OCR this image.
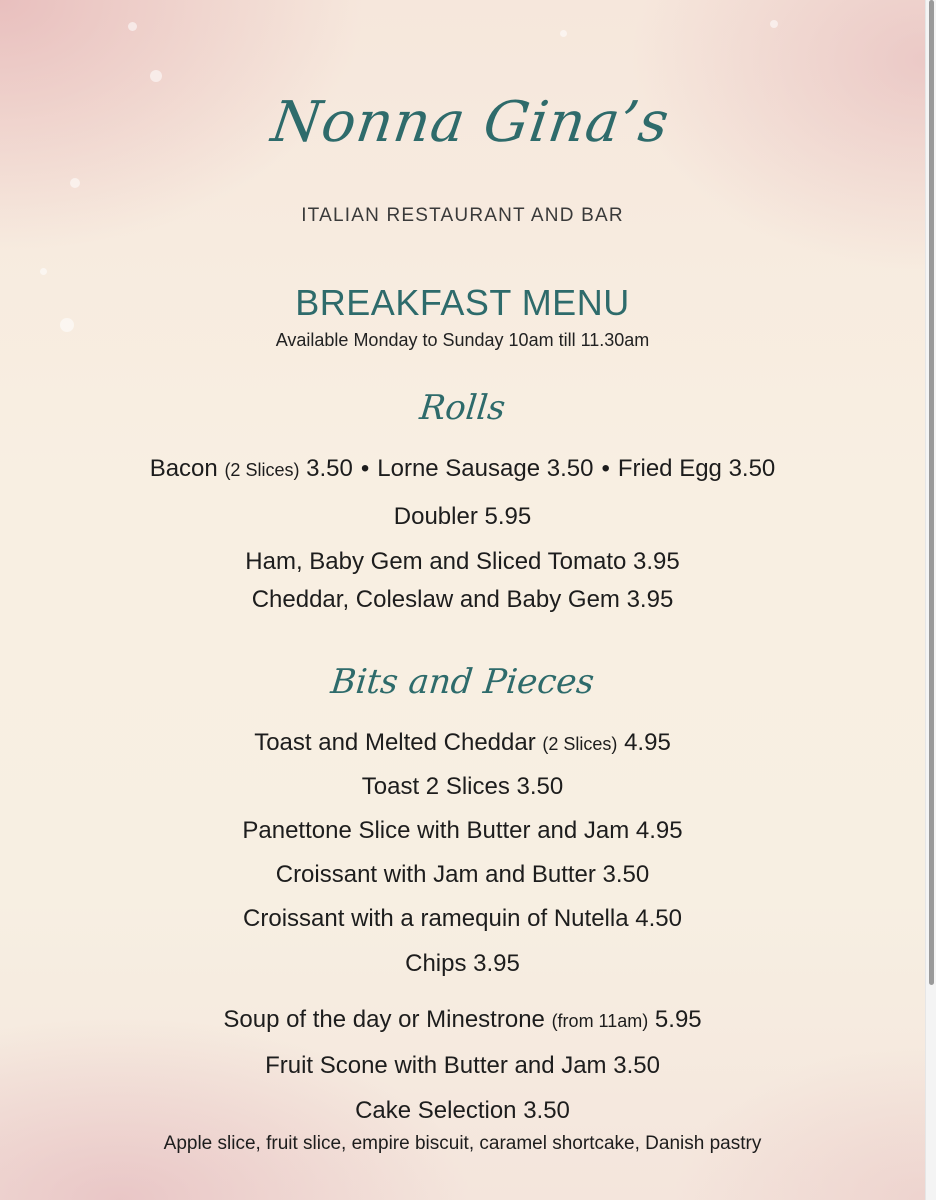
Nonna Gina’s
ITALIAN RESTAURANT AND BAR
BREAKFAST MENU
Available Monday to Sunday 10am till 11.30am
Rolls
Bacon (2 Slices) 3.50 • Lorne Sausage 3.50 • Fried Egg 3.50
Doubler 5.95
Ham, Baby Gem and Sliced Tomato 3.95
Cheddar, Coleslaw and Baby Gem 3.95
Bits and Pieces
Toast and Melted Cheddar (2 Slices) 4.95
Toast 2 Slices 3.50
Panettone Slice with Butter and Jam 4.95
Croissant with Jam and Butter 3.50
Croissant with a ramequin of Nutella 4.50
Chips 3.95
Soup of the day or Minestrone (from 11am) 5.95
Fruit Scone with Butter and Jam 3.50
Cake Selection 3.50
Apple slice, fruit slice, empire biscuit, caramel shortcake, Danish pastry
